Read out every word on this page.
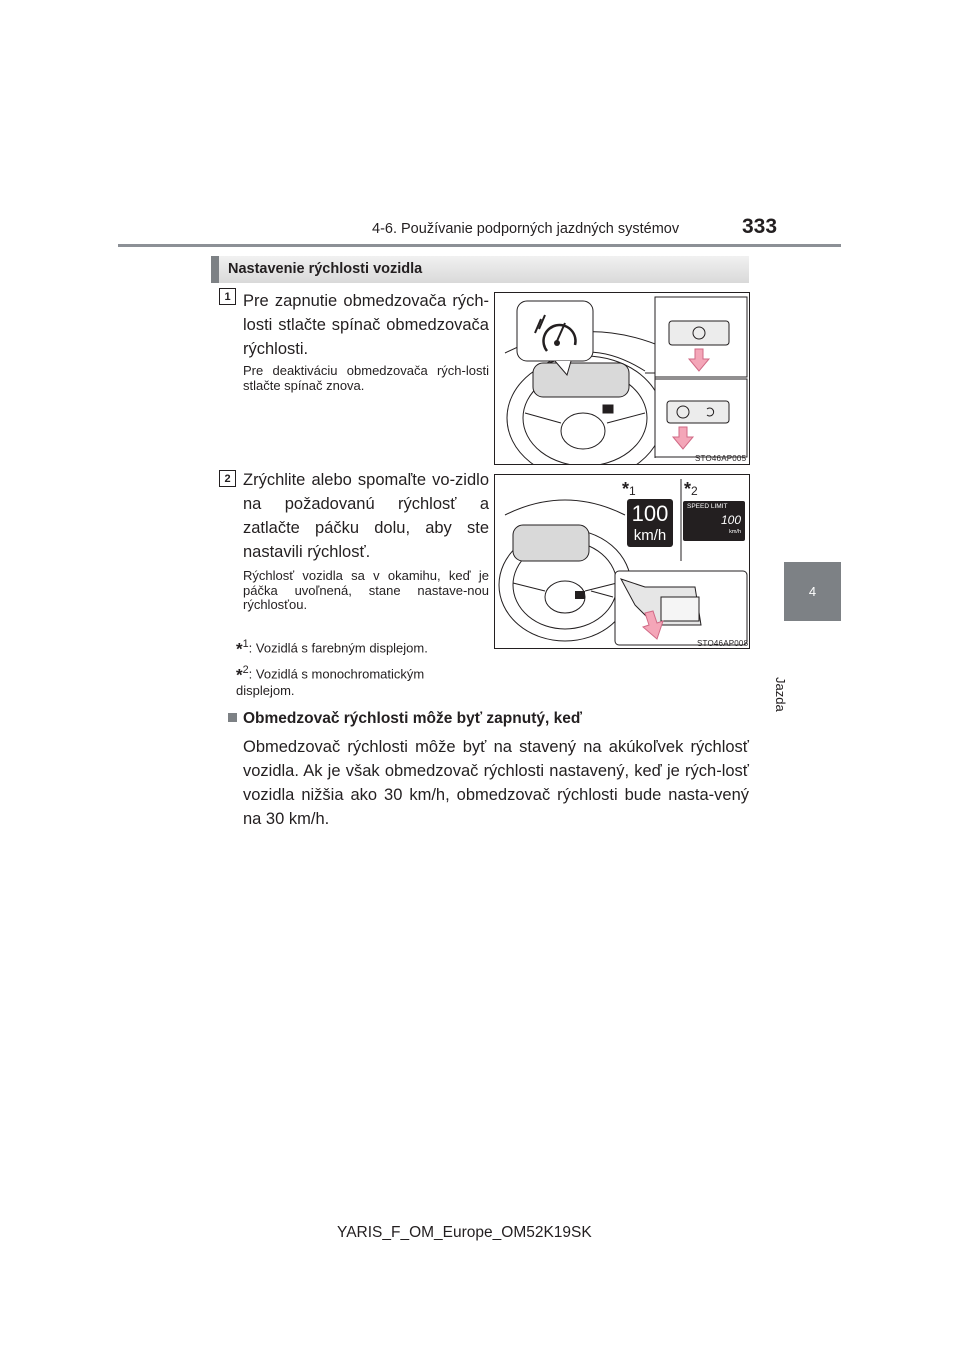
4-6. Používanie podporných jazdných systémov	333
4
Jazda
Nastavenie rýchlosti vozidla
1 Pre zapnutie obmedzovača rých-losti stlačte spínač obmedzovača rýchlosti.
Pre deaktiváciu obmedzovača rých-losti stlačte spínač znova.
STO46AP005
2 Zrýchlite alebo spomaľte vo-zidlo na požadovanú rýchlosť a zatlačte páčku dolu, aby ste nastavili rýchlosť.
Rýchlosť vozidla sa v okamihu, keď je páčka uvoľnená, stane nastave-nou rýchlosťou.
*1
100
km/h
*2
SPEED LIMIT
100
km/h
STO46AP008
*$^1$: Vozidlá s farebným displejom.
*$^2$: Vozidlá s monochromatickým displejom.
Obmedzovač rýchlosti môže byť zapnutý, keď
Obmedzovač rýchlosti môže byť na stavený na akúkoľvek rýchlosť vozidla. Ak je však obmedzovač rýchlosti nastavený, keď je rých-losť vozidla nižšia ako 30 km/h, obmedzovač rýchlosti bude nasta-vený na 30 km/h.
YARIS_F_OM_Europe_OM52K19SK
